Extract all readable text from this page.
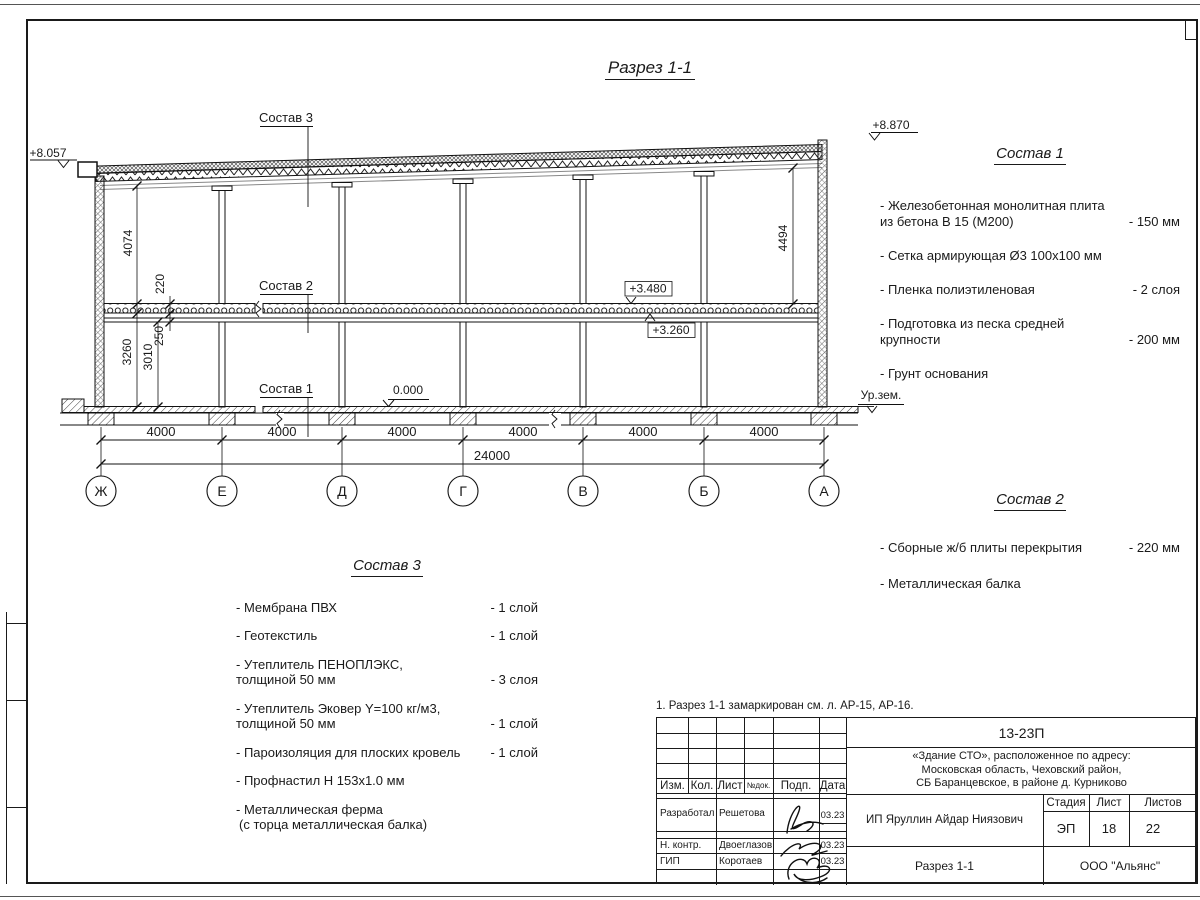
Разрез 1-1
4000	4000	4000	4000	4000	4000
24000
Ж	Е	Д	Г	В	Б	А
4074
3260 3010
220
250
4494
+8.057
+8.870
+3.480
+3.260
0.000	Ур.зем.
Состав 3
Состав 2
Состав 1
Состав 1
- Железобетонная монолитная плита
из бетона В 15 (М200)	- 150 мм
- Сетка армирующая Ø3 100х100 мм
- Пленка полиэтиленовая	- 2 слоя
- Подготовка из песка средней
крупности	- 200 мм
- Грунт основания
Состав 2
- Сборные ж/б плиты перекрытия	- 220 мм
- Металлическая балка
Состав 3
- Мембрана ПВХ	- 1 слой
- Геотекстиль	- 1 слой
- Утеплитель ПЕНОПЛЭКС,
толщиной 50 мм	- 3 слоя
- Утеплитель Эковер Y=100 кг/м3,
толщиной 50 мм	- 1 слой
- Пароизоляция для плоских кровель	- 1 слой
- Профнастил Н 153х1.0 мм
- Металлическая ферма
(с торца металлическая балка)
1. Разрез 1-1 замаркирован см. л. АР-15, АР-16.
Изм. Кол. Лист №док. Подп. Дата
Разработал Решетова	03.23
Н. контр.	Двоеглазов	03.23
ГИП	Коротаев	03.23
13-23П
«Здание СТО», расположенное по адресу:
Московская область, Чеховский район,
СБ Баранцевское, в районе д. Курниково
ИП Яруллин Айдар Ниязович
Стадия Лист	Листов
ЭП	18	22
Разрез 1-1	ООО "Альянс"
